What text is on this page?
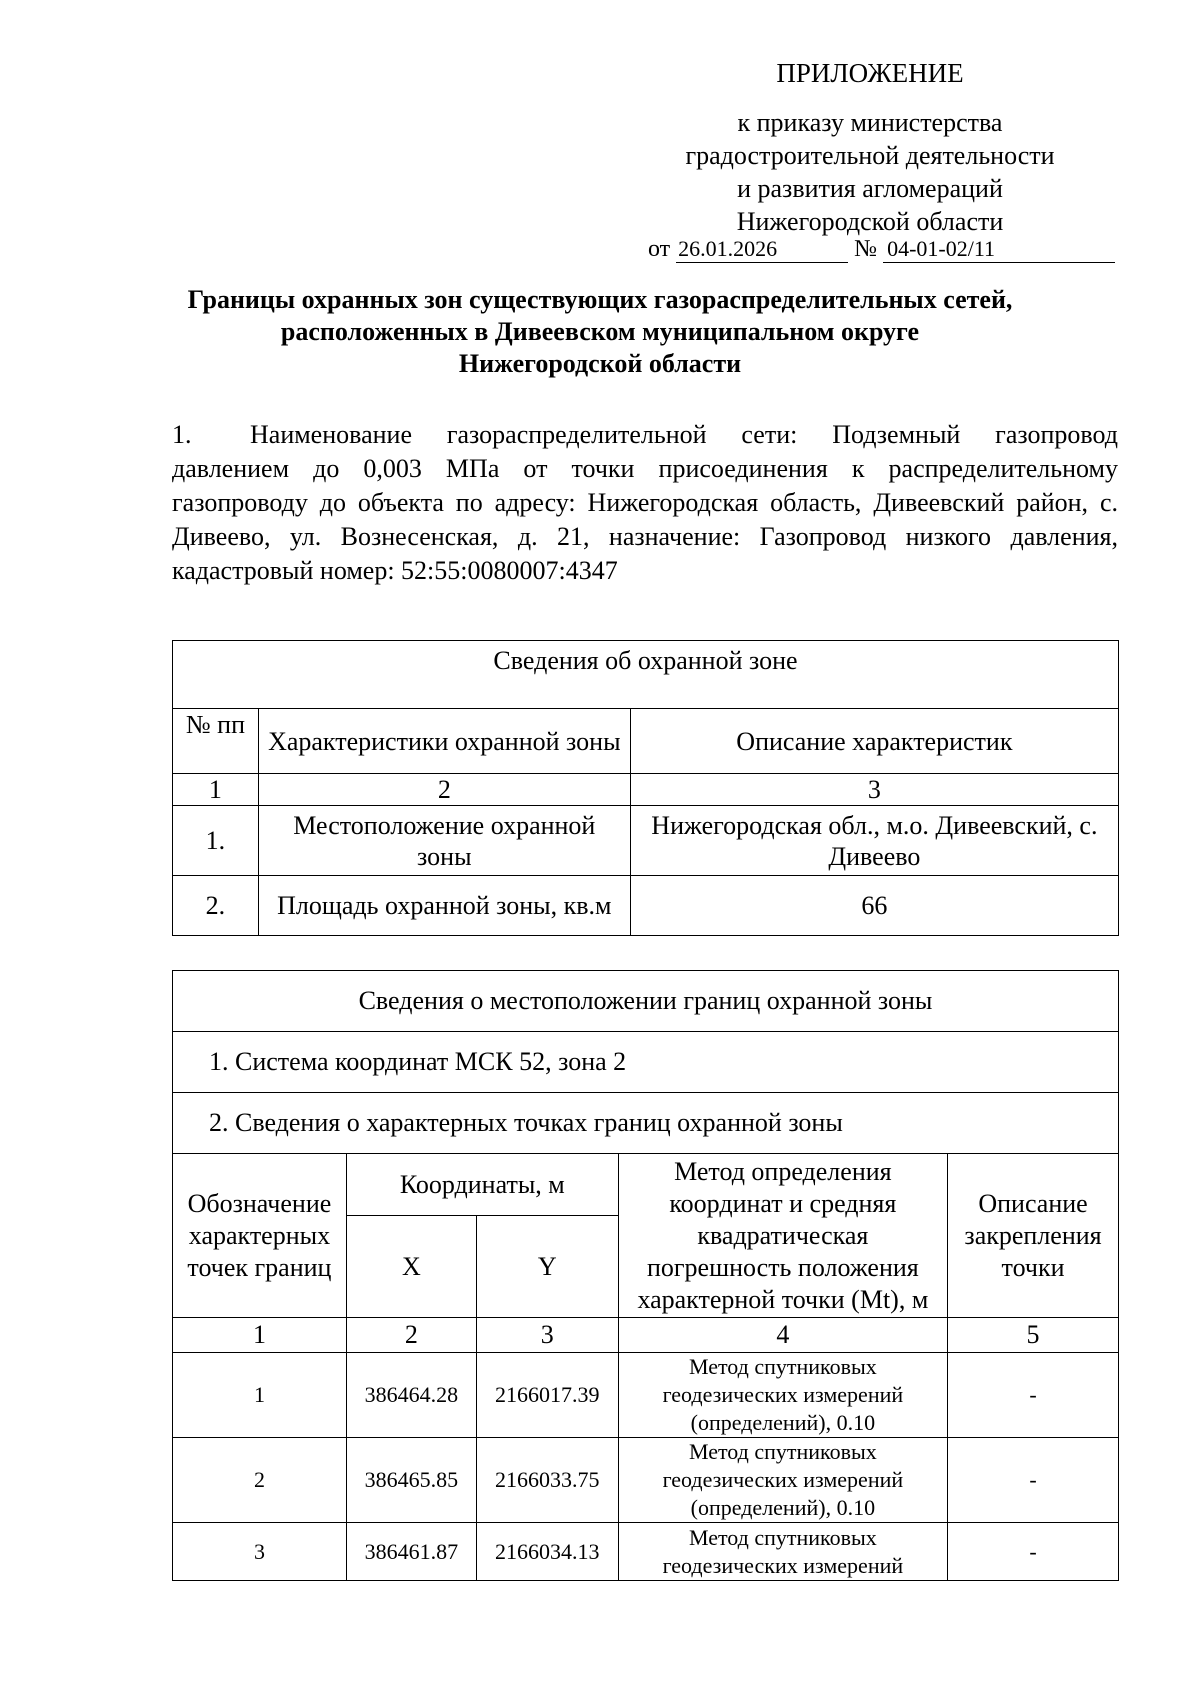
ПРИЛОЖЕНИЕ
к приказу министерства
градостроительной деятельности
и развития агломераций
Нижегородской области
от 26.01.2026	№ 04-01-02/11
Границы охранных зон существующих газораспределительных сетей,
расположенных в Дивеевском муниципальном округе
Нижегородской области
1. Наименование газораспределительной сети: Подземный газопровод давлением до 0,003 МПа от точки присоединения к распределительному газопроводу до объекта по адресу: Нижегородская область, Дивеевский район, с. Дивеево, ул. Вознесенская, д. 21, назначение: Газопровод низкого давления, кадастровый номер: 52:55:0080007:4347
Сведения об охранной зоне		
№ пп	Характеристики охранной зоны	Описание характеристик
1	2	3
1.	Местоположение охранной зоны	Нижегородская обл., м.о. Дивеевский, с. Дивеево
2.	Площадь охранной зоны, кв.м	66
Сведения о местоположении границ охранной зоны				
1. Система координат МСК 52, зона 2				
2. Сведения о характерных точках границ охранной зоны				
Обозначение характерных точек границ	Координаты, м		Метод определения координат и средняя квадратическая погрешность положения характерной точки (Mt), м	Описание закрепления точки
	X	Y		
1	2	3	4	5
1	386464.28	2166017.39	Метод спутниковых геодезических измерений (определений), 0.10	-
2	386465.85	2166033.75	Метод спутниковых геодезических измерений (определений), 0.10	-
3	386461.87	2166034.13	Метод спутниковых геодезических измерений	-
